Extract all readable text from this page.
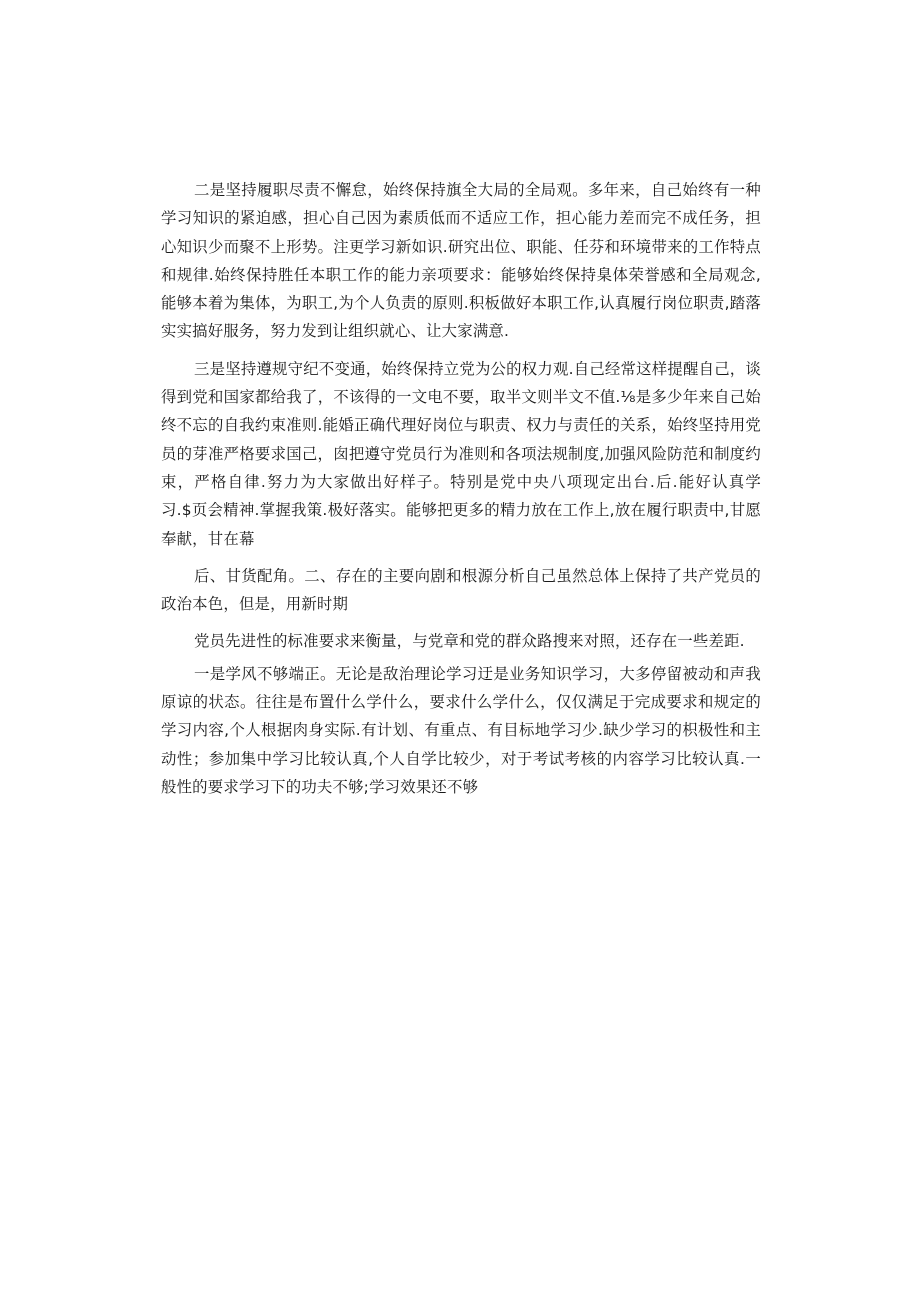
二是坚持履职尽责不懈怠，始终保持旗全大局的全局观。多年来，自己始终有一种学习知识的紧迫感，担心自己因为素质低而不适应工作，担心能力差而完不成任务，担心知识少而聚不上形势。注更学习新如识.研究出位、职能、任芬和环境带来的工作特点和规律.始终保持胜任本职工作的能力亲项要求：能够始终保持臬体荣誉感和全局观念,能够本着为集体，为职工,为个人负责的原则.积板做好本职工作,认真履行岗位职责,踏落实实搞好服务，努力发到让组织就心、让大家满意.

三是坚持遵规守纪不变通，始终保持立党为公的权力观.自己经常这样提醒自己，谈得到党和国家都给我了，不该得的一文电不要，取半文则半文不值.⅛是多少年来自己始终不忘的自我约束准则.能婚正确代理好岗位与职责、权力与责任的关系，始终坚持用党员的芽准严格要求国己，囱把遵守党员行为准则和各项法规制度,加强风险防范和制度约束，严格自律.努力为大家做出好样子。特别是党中央八项现定出台.后.能好认真学习.$页会精神.掌握我策.极好落实。能够把更多的精力放在工作上,放在履行职责中,甘愿奉献，甘在幕

后、甘货配角。二、存在的主要向剧和根源分析自己虽然总体上保持了共产党员的政治本色，但是，用新时期

党员先进性的标准要求来衡量，与党章和党的群众路搜来对照，还存在一些差距.

一是学风不够端正。无论是敌治理论学习迂是业务知识学习，大多停留被动和声我原谅的状态。往往是布置什么学什么，要求什么学什么，仅仅满足于完成要求和规定的学习内容,个人根据肉身实际.有计划、有重点、有目标地学习少.缺少学习的枳极性和主动性；参加集中学习比较认真,个人自学比较少，对于考试考核的内容学习比较认真.一般性的要求学习下的功夫不够;学习效果还不够
